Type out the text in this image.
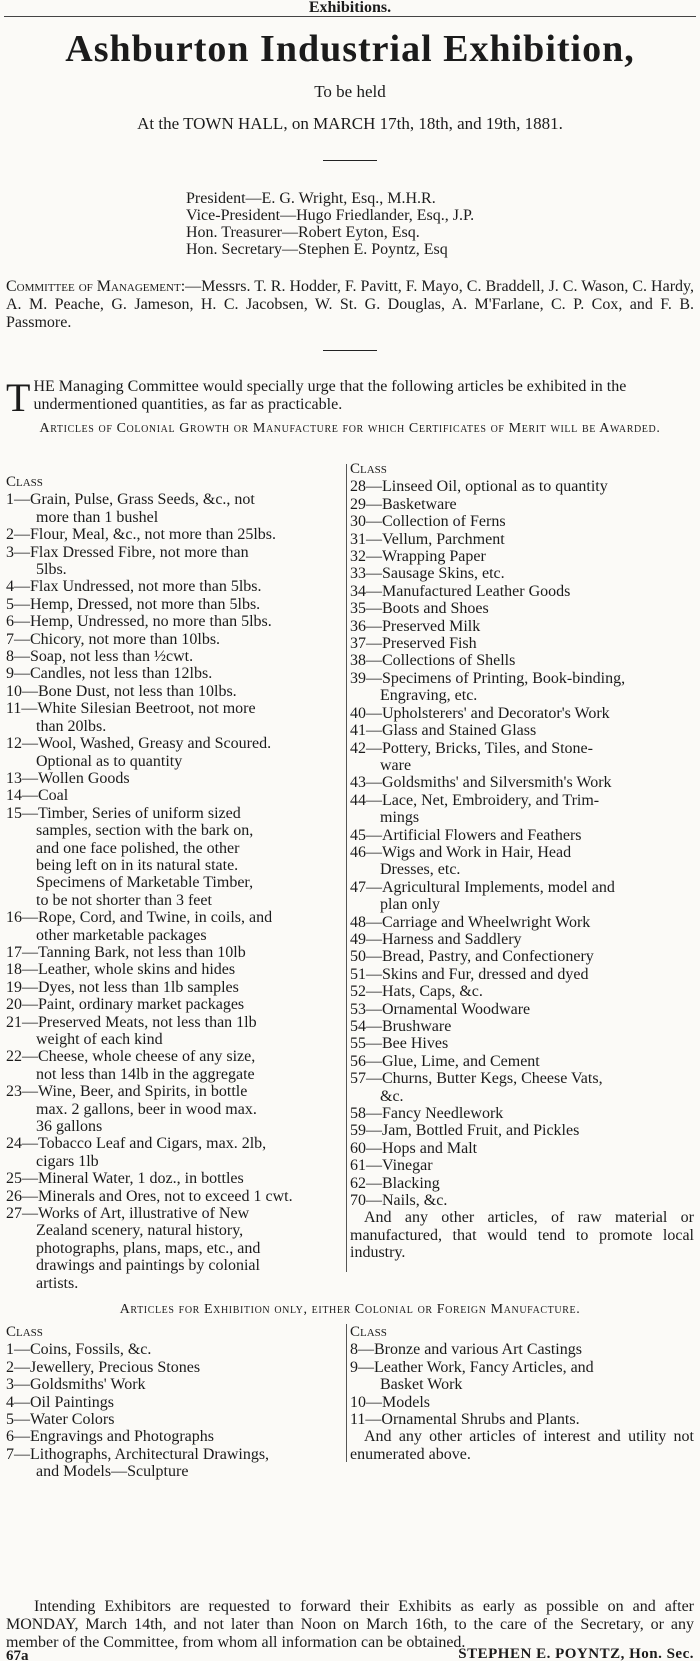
Exhibitions.
Ashburton Industrial Exhibition,
To be held
At the TOWN HALL, on MARCH 17th, 18th, and 19th, 1881.
President—E. G. Wright, Esq., M.H.R.
Vice-President—Hugo Friedlander, Esq., J.P.
Hon. Treasurer—Robert Eyton, Esq.
Hon. Secretary—Stephen E. Poyntz, Esq
Committee of Management:—Messrs. T. R. Hodder, F. Pavitt, F. Mayo, C. Braddell, J. C. Wason, C. Hardy, A. M. Peache, G. Jameson, H. C. Jacobsen, W. St. G. Douglas, A. M'Farlane, C. P. Cox, and F. B. Passmore.
THE Managing Committee would specially urge that the following articles be exhibited in the undermentioned quantities, as far as practicable.
Articles of Colonial Growth or Manufacture for which Certificates of Merit will be Awarded.
Class
1—Grain, Pulse, Grass Seeds, &c., not
more than 1 bushel
2—Flour, Meal, &c., not more than 25lbs.
3—Flax Dressed Fibre, not more than
5lbs.
4—Flax Undressed, not more than 5lbs.
5—Hemp, Dressed, not more than 5lbs.
6—Hemp, Undressed, no more than 5lbs.
7—Chicory, not more than 10lbs.
8—Soap, not less than ½cwt.
9—Candles, not less than 12lbs.
10—Bone Dust, not less than 10lbs.
11—White Silesian Beetroot, not more
than 20lbs.
12—Wool, Washed, Greasy and Scoured.
Optional as to quantity
13—Wollen Goods
14—Coal
15—Timber, Series of uniform sized
samples, section with the bark on,
and one face polished, the other
being left on in its natural state.
Specimens of Marketable Timber,
to be not shorter than 3 feet
16—Rope, Cord, and Twine, in coils, and
other marketable packages
17—Tanning Bark, not less than 10lb
18—Leather, whole skins and hides
19—Dyes, not less than 1lb samples
20—Paint, ordinary market packages
21—Preserved Meats, not less than 1lb
weight of each kind
22—Cheese, whole cheese of any size,
not less than 14lb in the aggregate
23—Wine, Beer, and Spirits, in bottle
max. 2 gallons, beer in wood max.
36 gallons
24—Tobacco Leaf and Cigars, max. 2lb,
cigars 1lb
25—Mineral Water, 1 doz., in bottles
26—Minerals and Ores, not to exceed 1 cwt.
27—Works of Art, illustrative of New
Zealand scenery, natural history,
photographs, plans, maps, etc., and
drawings and paintings by colonial
artists.
Class
28—Linseed Oil, optional as to quantity
29—Basketware
30—Collection of Ferns
31—Vellum, Parchment
32—Wrapping Paper
33—Sausage Skins, etc.
34—Manufactured Leather Goods
35—Boots and Shoes
36—Preserved Milk
37—Preserved Fish
38—Collections of Shells
39—Specimens of Printing, Book-binding,
Engraving, etc.
40—Upholsterers' and Decorator's Work
41—Glass and Stained Glass
42—Pottery, Bricks, Tiles, and Stone-
ware
43—Goldsmiths' and Silversmith's Work
44—Lace, Net, Embroidery, and Trim-
mings
45—Artificial Flowers and Feathers
46—Wigs and Work in Hair, Head
Dresses, etc.
47—Agricultural Implements, model and
plan only
48—Carriage and Wheelwright Work
49—Harness and Saddlery
50—Bread, Pastry, and Confectionery
51—Skins and Fur, dressed and dyed
52—Hats, Caps, &c.
53—Ornamental Woodware
54—Brushware
55—Bee Hives
56—Glue, Lime, and Cement
57—Churns, Butter Kegs, Cheese Vats,
&c.
58—Fancy Needlework
59—Jam, Bottled Fruit, and Pickles
60—Hops and Malt
61—Vinegar
62—Blacking
70—Nails, &c.
And any other articles, of raw material or manufactured, that would tend to promote local industry.
Articles for Exhibition only, either Colonial or Foreign Manufacture.
Class
1—Coins, Fossils, &c.
2—Jewellery, Precious Stones
3—Goldsmiths' Work
4—Oil Paintings
5—Water Colors
6—Engravings and Photographs
7—Lithographs, Architectural Drawings,
and Models—Sculpture
Class
8—Bronze and various Art Castings
9—Leather Work, Fancy Articles, and
Basket Work
10—Models
11—Ornamental Shrubs and Plants.
And any other articles of interest and utility not enumerated above.
Intending Exhibitors are requested to forward their Exhibits as early as possible on and after MONDAY, March 14th, and not later than Noon on March 16th, to the care of the Secretary, or any member of the Committee, from whom all information can be obtained.
67a	STEPHEN E. POYNTZ, Hon. Sec.
